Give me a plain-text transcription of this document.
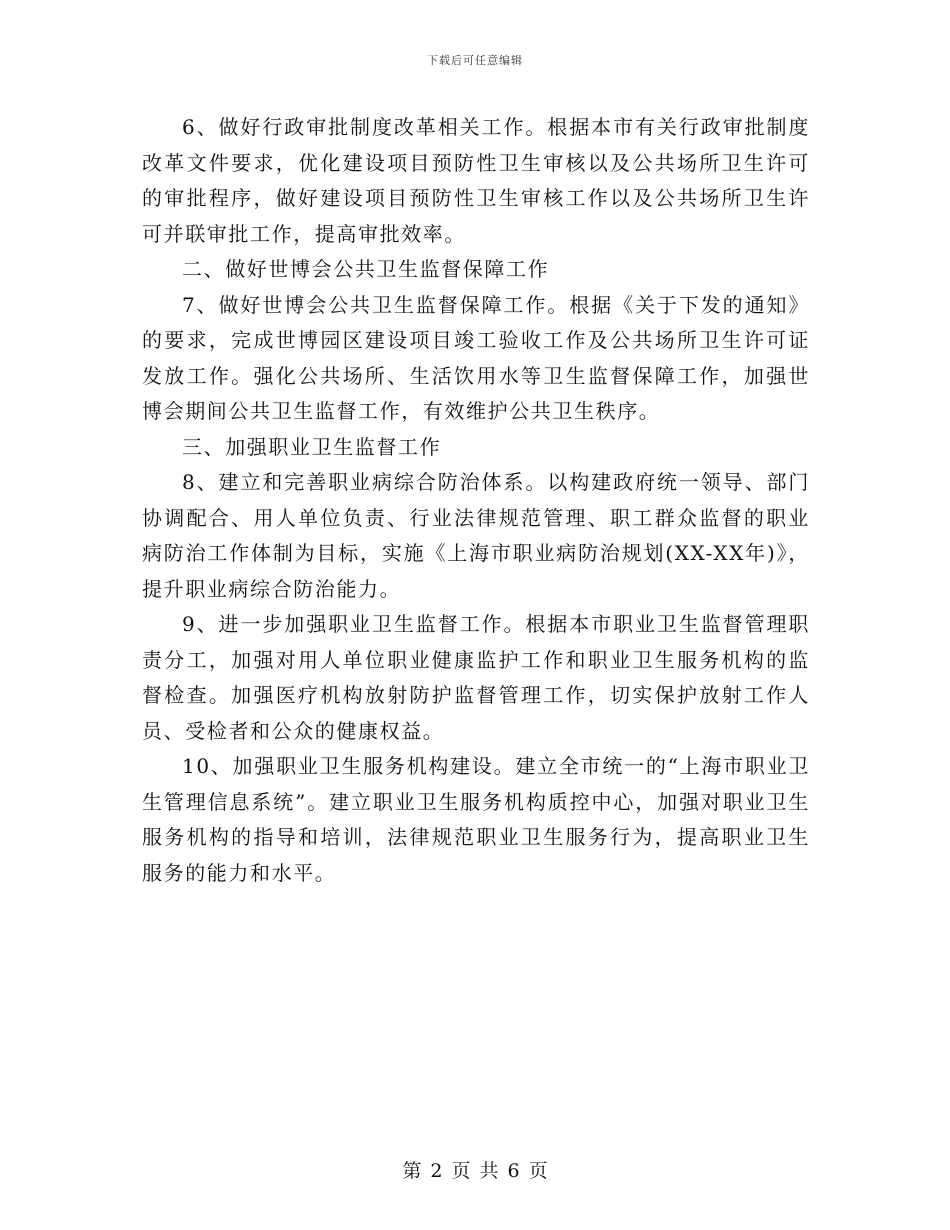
下载后可任意编辑

6、做好行政审批制度改革相关工作。根据本市有关行政审批制度改革文件要求，优化建设项目预防性卫生审核以及公共场所卫生许可的审批程序，做好建设项目预防性卫生审核工作以及公共场所卫生许可并联审批工作，提高审批效率。

二、做好世博会公共卫生监督保障工作

7、做好世博会公共卫生监督保障工作。根据《关于下发的通知》的要求，完成世博园区建设项目竣工验收工作及公共场所卫生许可证发放工作。强化公共场所、生活饮用水等卫生监督保障工作，加强世博会期间公共卫生监督工作，有效维护公共卫生秩序。

三、加强职业卫生监督工作

8、建立和完善职业病综合防治体系。以构建政府统一领导、部门协调配合、用人单位负责、行业法律规范管理、职工群众监督的职业病防治工作体制为目标，实施《上海市职业病防治规划(XX-XX年)》，提升职业病综合防治能力。

9、进一步加强职业卫生监督工作。根据本市职业卫生监督管理职责分工，加强对用人单位职业健康监护工作和职业卫生服务机构的监督检查。加强医疗机构放射防护监督管理工作，切实保护放射工作人员、受检者和公众的健康权益。

10、加强职业卫生服务机构建设。建立全市统一的“上海市职业卫生管理信息系统”。建立职业卫生服务机构质控中心，加强对职业卫生服务机构的指导和培训，法律规范职业卫生服务行为，提高职业卫生服务的能力和水平。

第 2 页 共 6 页
